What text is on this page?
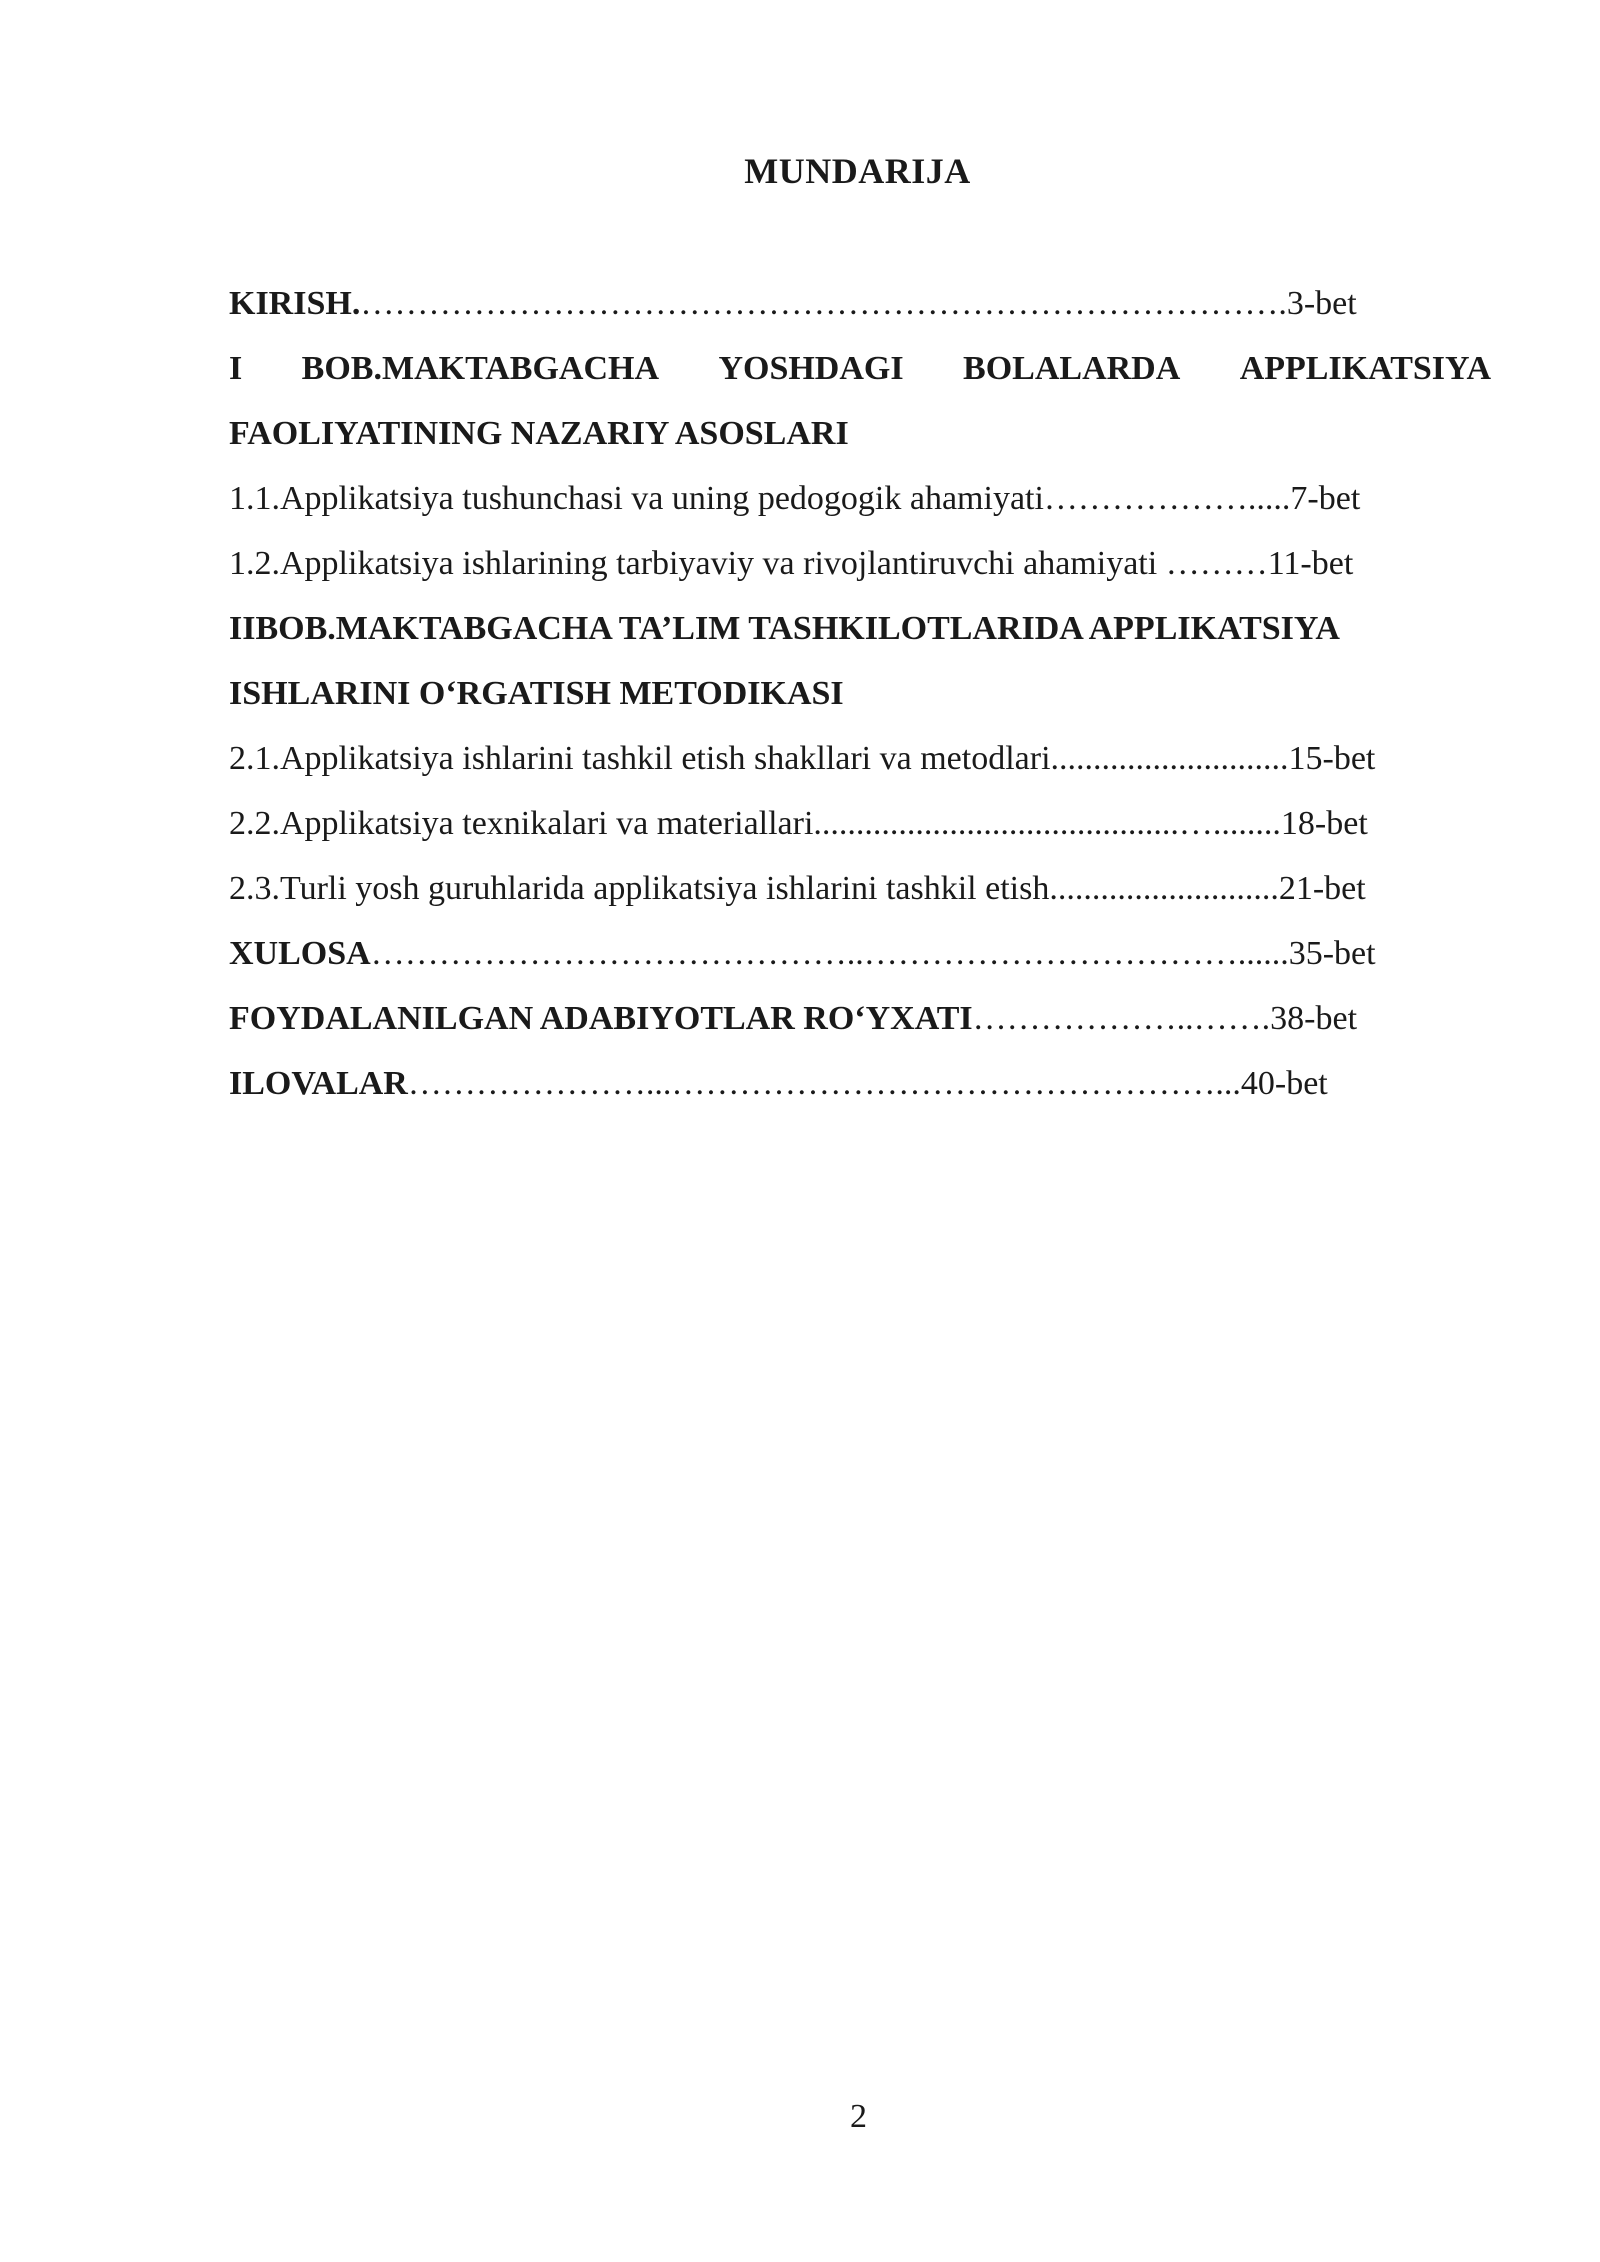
MUNDARIJA
KIRISH.……………………………………………………………………….3-bet
I BOB.MAKTABGACHA YOSHDAGI BOLALARDA APPLIKATSIYA
FAOLIYATINING NAZARIY ASOSLARI
1.1.Applikatsiya tushunchasi va uning pedogogik ahamiyati……………….....7-bet
1.2.Applikatsiya ishlarining tarbiyaviy va rivojlantiruvchi ahamiyati ………11-bet
IIBOB.MAKTABGACHA TA’LIM TASHKILOTLARIDA APPLIKATSIYA
ISHLARINI O‘RGATISH METODIKASI
2.1.Applikatsiya ishlarini tashkil etish shakllari va metodlari............................15-bet
2.2.Applikatsiya texnikalari va materiallari...........................................…........18-bet
2.3.Turli yosh guruhlarida applikatsiya ishlarini tashkil etish...........................21-bet
XULOSA……………………………………..……………………………......35-bet
FOYDALANILGAN ADABIYOTLAR RO‘YXATI………………..…….38-bet
ILOVALAR…………………...…………………………………………...40-bet
2
